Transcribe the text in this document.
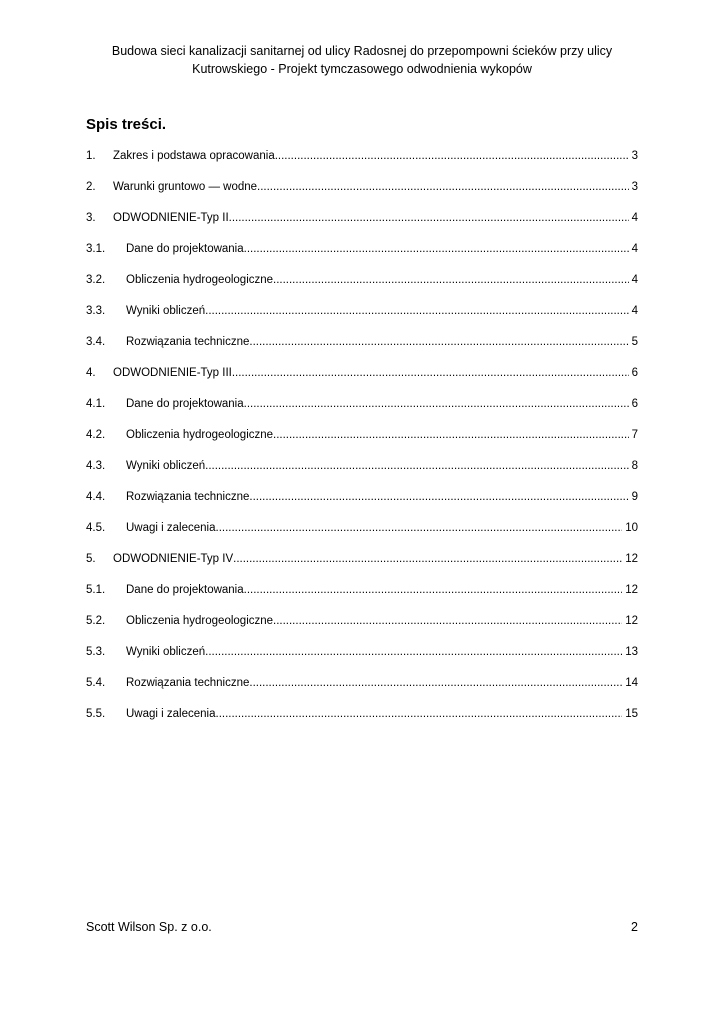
Budowa sieci kanalizacji sanitarnej od ulicy Radosnej do przepompowni ścieków przy ulicy
Kutrowskiego - Projekt tymczasowego odwodnienia wykopów
Spis treści.
1.	Zakres i podstawa opracowania. . . .	3
2.	Warunki gruntowo — wodne. . . .	3
3.	ODWODNIENIE-Typ II . . .	4
3.1.	Dane do projektowania. . . .	4
3.2.	Obliczenia hydrogeologiczne. . . .	4
3.3.	Wyniki obliczeń . . .	4
3.4.	Rozwiązania techniczne. . . .	5
4.	ODWODNIENIE-Typ III . . .	6
4.1.	Dane do projektowania. . . .	6
4.2.	Obliczenia hydrogeologiczne. . . .	7
4.3.	Wyniki obliczeń . . .	8
4.4.	Rozwiązania techniczne. . . .	9
4.5.	Uwagi i zalecenia. . . .	10
5.	ODWODNIENIE-Typ IV . . .	12
5.1.	Dane do projektowania. . . .	12
5.2.	Obliczenia hydrogeologiczne. . . .	12
5.3.	Wyniki obliczeń . . .	13
5.4.	Rozwiązania techniczne. . . .	14
5.5.	Uwagi i zalecenia. . . .	15
Scott Wilson Sp. z o.o.	2
